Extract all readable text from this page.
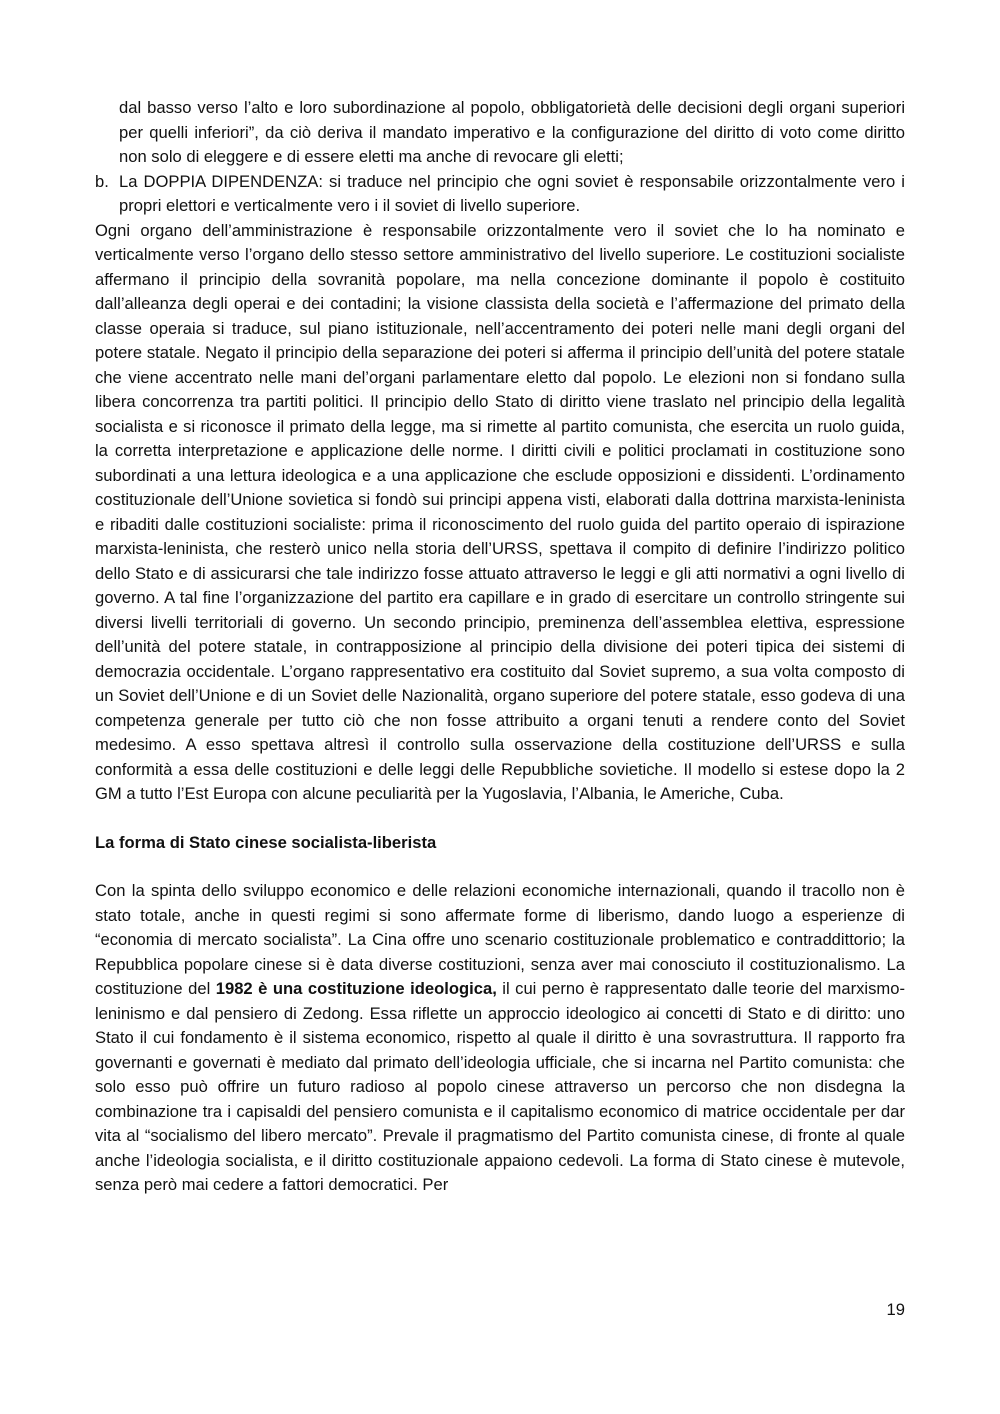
dal basso verso l’alto e loro subordinazione al popolo, obbligatorietà delle decisioni degli organi superiori per quelli inferiori”, da ciò deriva il mandato imperativo e la configurazione del diritto di voto come diritto non solo di eleggere e di essere eletti ma anche di revocare gli eletti;

b. La DOPPIA DIPENDENZA: si traduce nel principio che ogni soviet è responsabile orizzontalmente vero i propri elettori e verticalmente vero i il soviet di livello superiore.

Ogni organo dell’amministrazione è responsabile orizzontalmente vero il soviet che lo ha nominato e verticalmente verso l’organo dello stesso settore amministrativo del livello superiore. Le costituzioni socialiste affermano il principio della sovranità popolare, ma nella concezione dominante il popolo è costituito dall’alleanza degli operai e dei contadini; la visione classista della società e l’affermazione del primato della classe operaia si traduce, sul piano istituzionale, nell’accentramento dei poteri nelle mani degli organi del potere statale. Negato il principio della separazione dei poteri si afferma il principio dell’unità del potere statale che viene accentrato nelle mani del’organi parlamentare eletto dal popolo. Le elezioni non si fondano sulla libera concorrenza tra partiti politici. Il principio dello Stato di diritto viene traslato nel principio della legalità socialista e si riconosce il primato della legge, ma si rimette al partito comunista, che esercita un ruolo guida, la corretta interpretazione e applicazione delle norme. I diritti civili e politici proclamati in costituzione sono subordinati a una lettura ideologica e a una applicazione che esclude opposizioni e dissidenti. L’ordinamento costituzionale dell’Unione sovietica si fondò sui principi appena visti, elaborati dalla dottrina marxista-leninista e ribaditi dalle costituzioni socialiste: prima il riconoscimento del ruolo guida del partito operaio di ispirazione marxista-leninista, che resterò unico nella storia dell’URSS, spettava il compito di definire l’indirizzo politico dello Stato e di assicurarsi che tale indirizzo fosse attuato attraverso le leggi e gli atti normativi a ogni livello di governo. A tal fine l’organizzazione del partito era capillare e in grado di esercitare un controllo stringente sui diversi livelli territoriali di governo. Un secondo principio, preminenza dell’assemblea elettiva, espressione dell’unità del potere statale, in contrapposizione al principio della divisione dei poteri tipica dei sistemi di democrazia occidentale. L’organo rappresentativo era costituito dal Soviet supremo, a sua volta composto di un Soviet dell’Unione e di un Soviet delle Nazionalità, organo superiore del potere statale, esso godeva di una competenza generale per tutto ciò che non fosse attribuito a organi tenuti a rendere conto del Soviet medesimo. A esso spettava altresì il controllo sulla osservazione della costituzione dell’URSS e sulla conformità a essa delle costituzioni e delle leggi delle Repubbliche sovietiche. Il modello si estese dopo la 2 GM a tutto l’Est Europa con alcune peculiarità per la Yugoslavia, l’Albania, le Americhe, Cuba.

La forma di Stato cinese socialista-liberista

Con la spinta dello sviluppo economico e delle relazioni economiche internazionali, quando il tracollo non è stato totale, anche in questi regimi si sono affermate forme di liberismo, dando luogo a esperienze di “economia di mercato socialista”. La Cina offre uno scenario costituzionale problematico e contraddittorio; la Repubblica popolare cinese si è data diverse costituzioni, senza aver mai conosciuto il costituzionalismo. La costituzione del 1982 è una costituzione ideologica, il cui perno è rappresentato dalle teorie del marxismo-leninismo e dal pensiero di Zedong. Essa riflette un approccio ideologico ai concetti di Stato e di diritto: uno Stato il cui fondamento è il sistema economico, rispetto al quale il diritto è una sovrastruttura. Il rapporto fra governanti e governati è mediato dal primato dell’ideologia ufficiale, che si incarna nel Partito comunista: che solo esso può offrire un futuro radioso al popolo cinese attraverso un percorso che non disdegna la combinazione tra i capisaldi del pensiero comunista e il capitalismo economico di matrice occidentale per dar vita al “socialismo del libero mercato”. Prevale il pragmatismo del Partito comunista cinese, di fronte al quale anche l’ideologia socialista, e il diritto costituzionale appaiono cedevoli. La forma di Stato cinese è mutevole, senza però mai cedere a fattori democratici. Per

19
